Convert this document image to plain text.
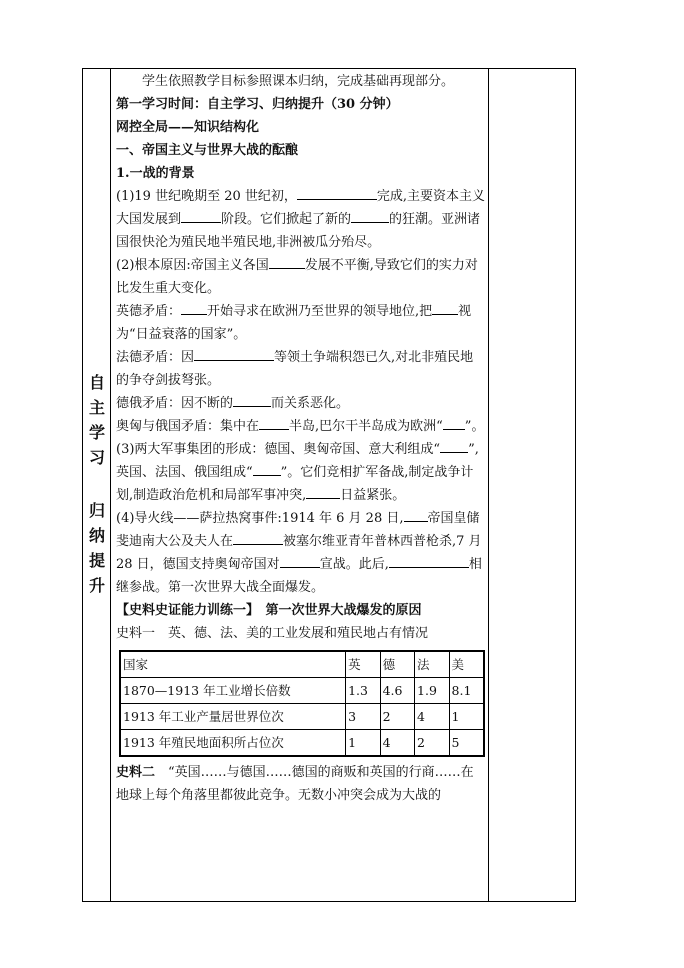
自
主
学
习
归
纳
提
升

学生依照教学目标参照课本归纳，完成基础再现部分。

第一学习时间：自主学习、归纳提升（30 分钟）

网控全局——知识结构化

一、帝国主义与世界大战的酝酿

1.一战的背景

(1)19 世纪晚期至 20 世纪初，	完成,主要资本主义大国发展到	阶段。它们掀起了新的	的狂潮。亚洲诸国很快沦为殖民地半殖民地,非洲被瓜分殆尽。

(2)根本原因:帝国主义各国	发展不平衡,导致它们的实力对比发生重大变化。

英德矛盾： 开始寻求在欧洲乃至世界的领导地位,把 视为“日益衰落的国家”。

法德矛盾：因	等领土争端积怨已久,对北非殖民地的争夺剑拔弩张。

德俄矛盾：因不断的	而关系恶化。

奥匈与俄国矛盾：集中在 半岛,巴尔干半岛成为欧洲“ ”。

(3)两大军事集团的形成：德国、奥匈帝国、意大利组成“ ”,英国、法国、俄国组成“ ”。它们竞相扩军备战,制定战争计划,制造政治危机和局部军事冲突,	日益紧张。

(4)导火线——萨拉热窝事件:1914 年 6 月 28 日, 帝国皇储斐迪南大公及夫人在	被塞尔维亚青年普林西普枪杀,7 月 28 日，德国支持奥匈帝国对	宣战。此后,	相继参战。第一次世界大战全面爆发。

【史料史证能力训练一】　第一次世界大战爆发的原因

史料一　英、德、法、美的工业发展和殖民地占有情况

国家	英	德	法	美
1870—1913 年工业增长倍数	1.3	4.6	1.9	8.1
1913 年工业产量居世界位次	3	2	4	1
1913 年殖民地面积所占位次	1	4	2	5

史料二　 “英国……与德国……德国的商贩和英国的行商……在地球上每个角落里都彼此竞争。无数小冲突会成为大战的
